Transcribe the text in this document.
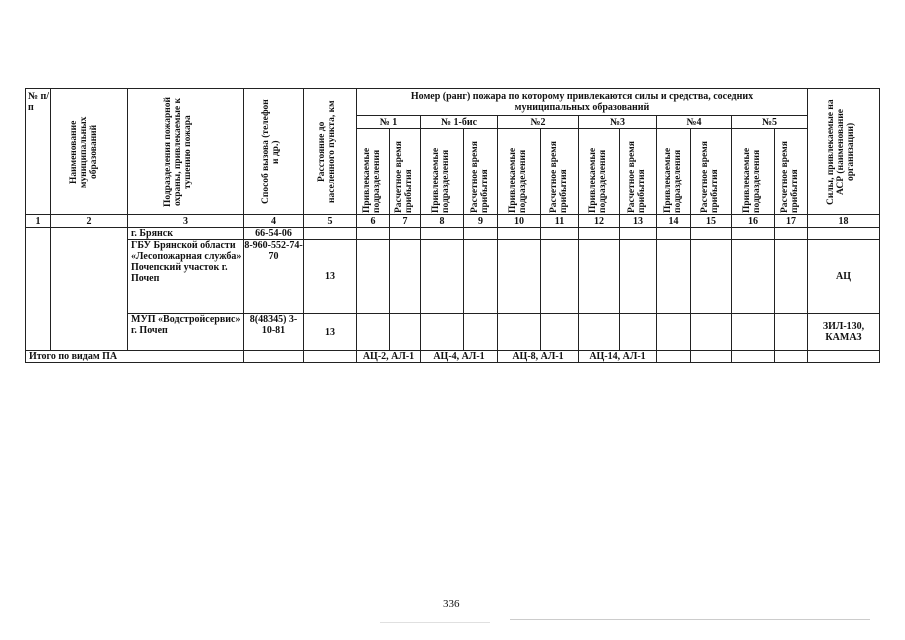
№ п/п	Наименование муниципальных образований	Подразделения пожарной охраны, привлекаемые к тушению пожара	Способ вызова (телефон и др.)	Расстояние до населенного пункта, км	Номер (ранг) пожара по которому привлекаются силы и средства, соседних муниципальных образований												Силы, привлекаемые на АСР (наименование организации)

					№ 1		№ 1-бис		№2		№3		№4		№5		

					Привлекаемые подразделения	Расчетное время прибытия	Привлекаемые подразделения	Расчетное время прибытия	Привлекаемые подразделения	Расчетное время прибытия	Привлекаемые подразделения	Расчетное время прибытия	Привлекаемые подразделения	Расчетное время прибытия	Привлекаемые подразделения	Расчетное время прибытия	

1	2	3	4	5	6	7	8	9	10	11	12	13	14	15	16	17	18
		г. Брянск	66-54-06														
		ГБУ Брянской области «Лесопожарная служба» Почепский участок г. Почеп	8-960-552-74-70	13													АЦ
		МУП «Водстройсервис» г. Почеп	8(48345) 3-10-81	13													ЗИЛ-130, КАМАЗ
Итого по видам ПА					АЦ-2, АЛ-1		АЦ-4, АЛ-1		АЦ-8, АЛ-1		АЦ-14, АЛ-1						
336
